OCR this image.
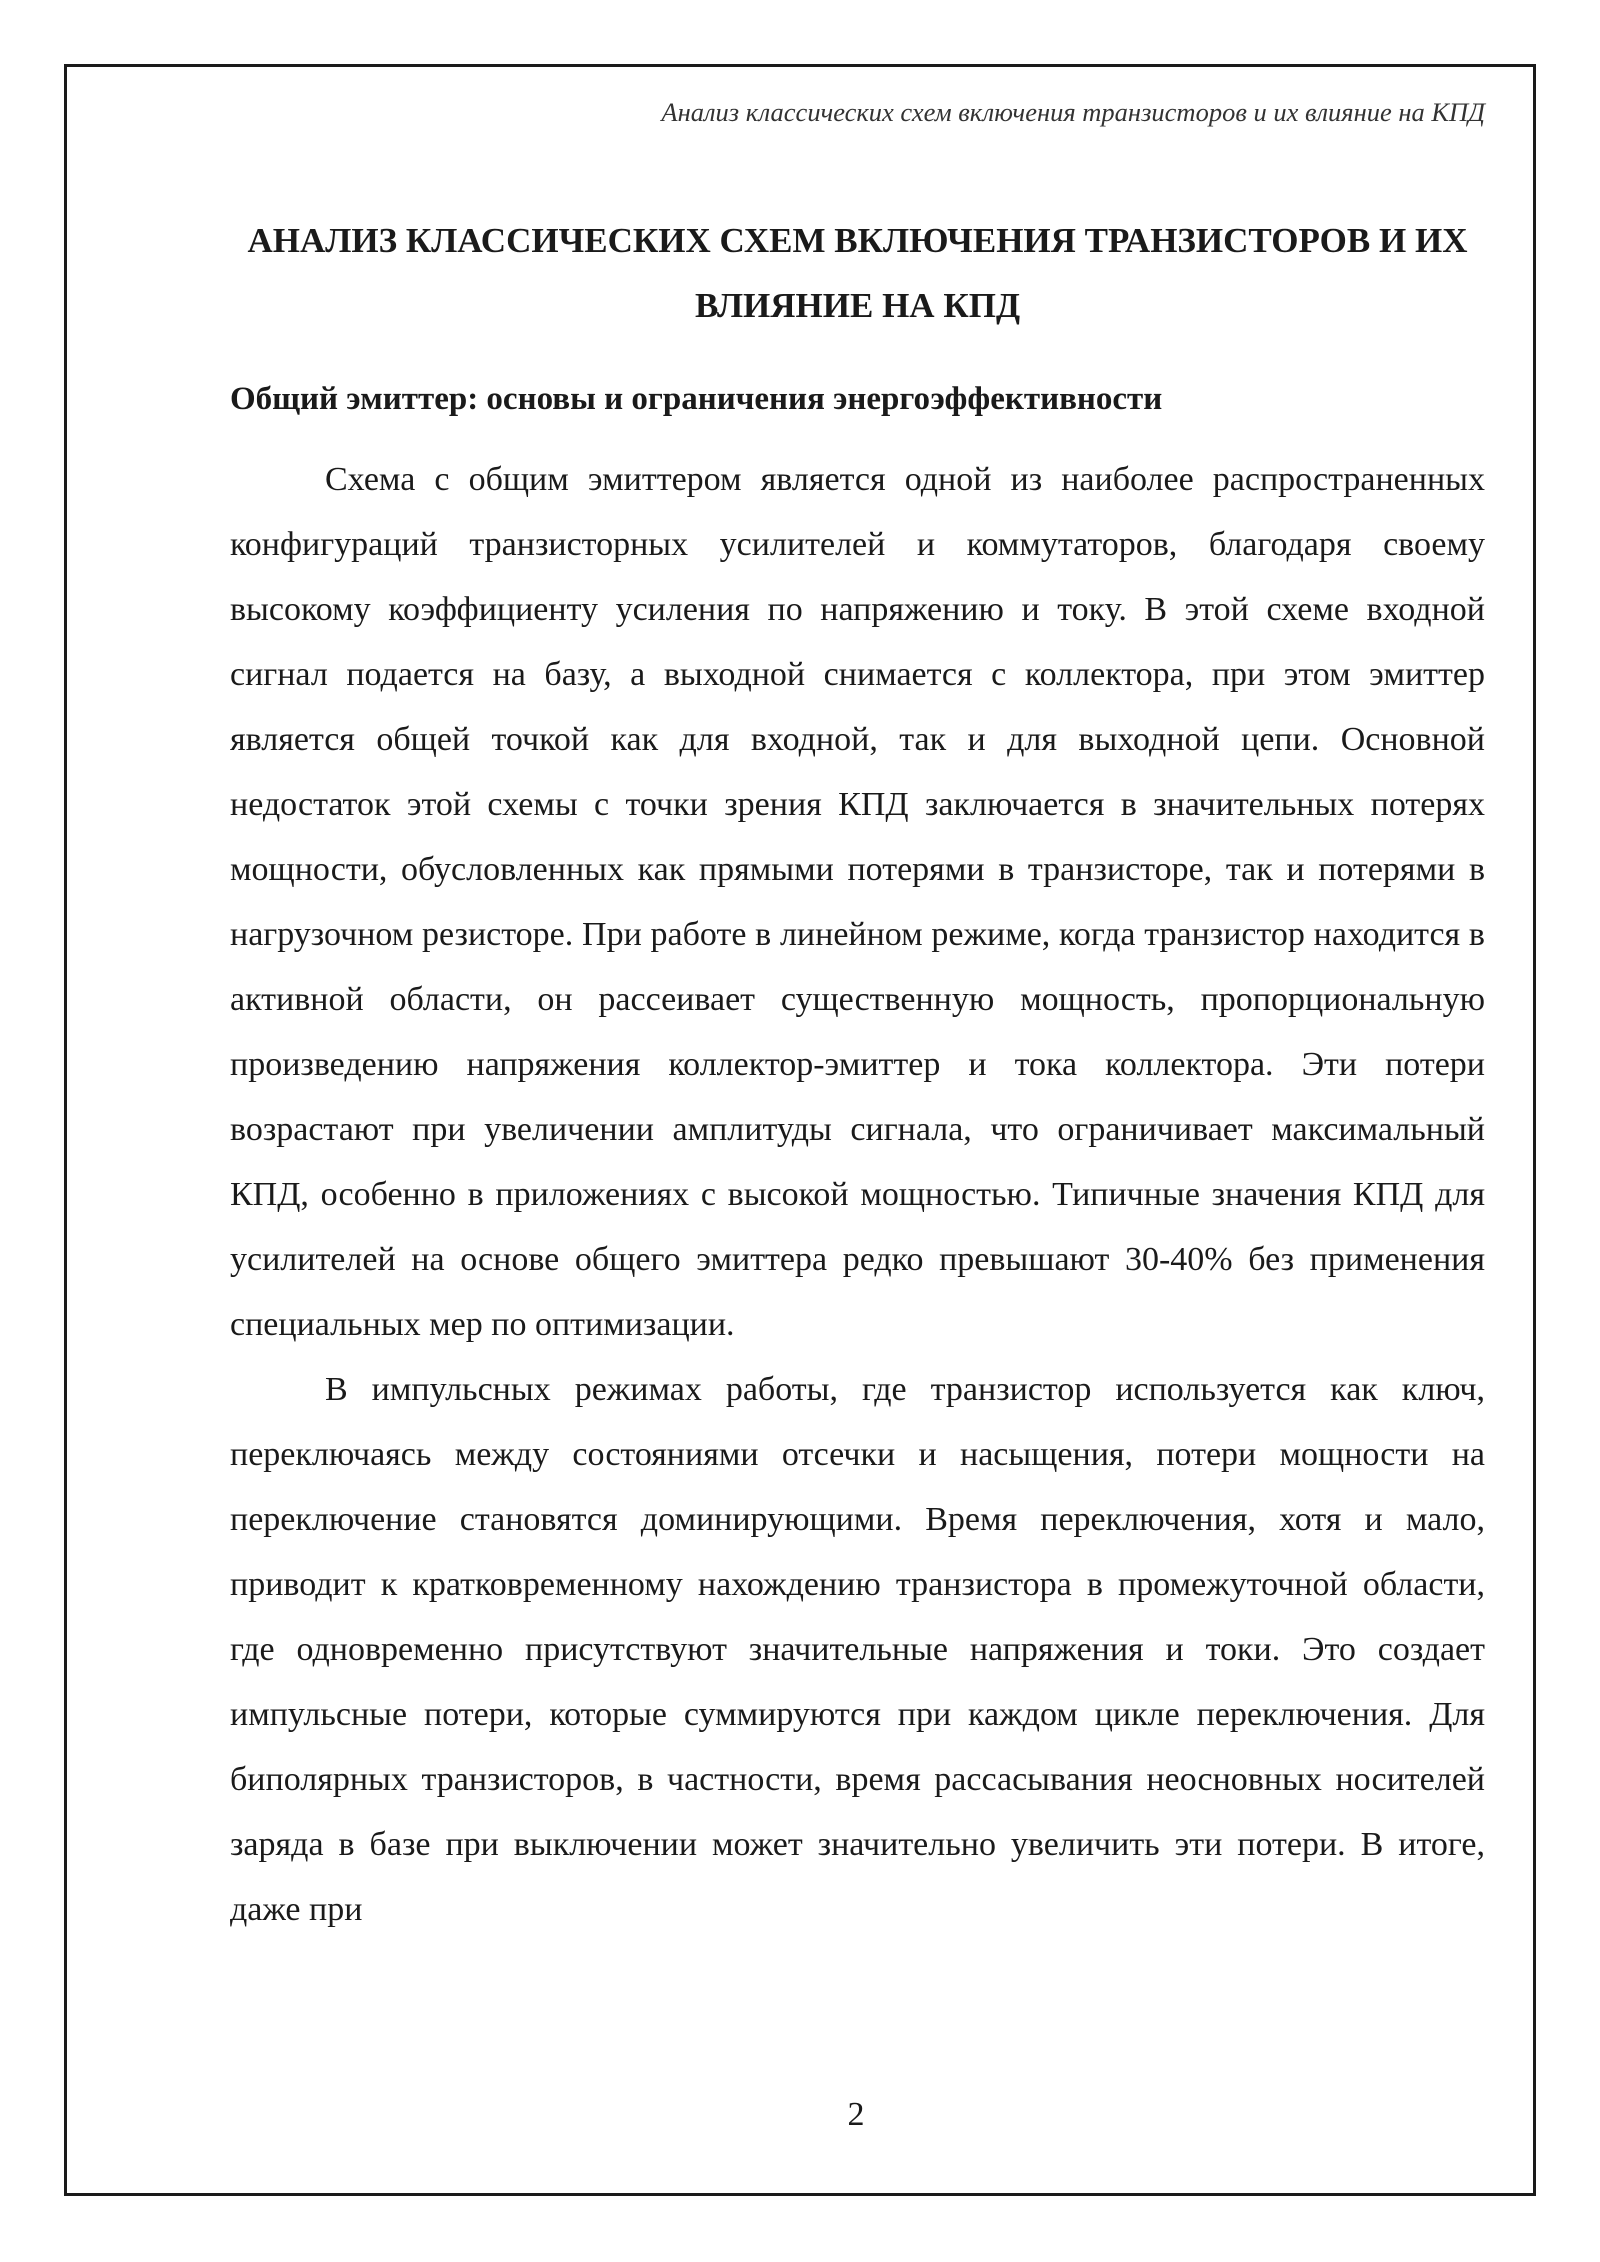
Анализ классических схем включения транзисторов и их влияние на КПД
АНАЛИЗ КЛАССИЧЕСКИХ СХЕМ ВКЛЮЧЕНИЯ ТРАНЗИСТОРОВ И ИХ ВЛИЯНИЕ НА КПД
Общий эмиттер: основы и ограничения энергоэффективности

Схема с общим эмиттером является одной из наиболее распространенных конфигураций транзисторных усилителей и коммутаторов, благодаря своему высокому коэффициенту усиления по напряжению и току. В этой схеме входной сигнал подается на базу, а выходной снимается с коллектора, при этом эмиттер является общей точкой как для входной, так и для выходной цепи. Основной недостаток этой схемы с точки зрения КПД заключается в значительных потерях мощности, обусловленных как прямыми потерями в транзисторе, так и потерями в нагрузочном резисторе. При работе в линейном режиме, когда транзистор находится в активной области, он рассеивает существенную мощность, пропорциональную произведению напряжения коллектор-эмиттер и тока коллектора. Эти потери возрастают при увеличении амплитуды сигнала, что ограничивает максимальный КПД, особенно в приложениях с высокой мощностью. Типичные значения КПД для усилителей на основе общего эмиттера редко превышают 30-40% без применения специальных мер по оптимизации.

В импульсных режимах работы, где транзистор используется как ключ, переключаясь между состояниями отсечки и насыщения, потери мощности на переключение становятся доминирующими. Время переключения, хотя и мало, приводит к кратковременному нахождению транзистора в промежуточной области, где одновременно присутствуют значительные напряжения и токи. Это создает импульсные потери, которые суммируются при каждом цикле переключения. Для биполярных транзисторов, в частности, время рассасывания неосновных носителей заряда в базе при выключении может значительно увеличить эти потери. В итоге, даже при

2
